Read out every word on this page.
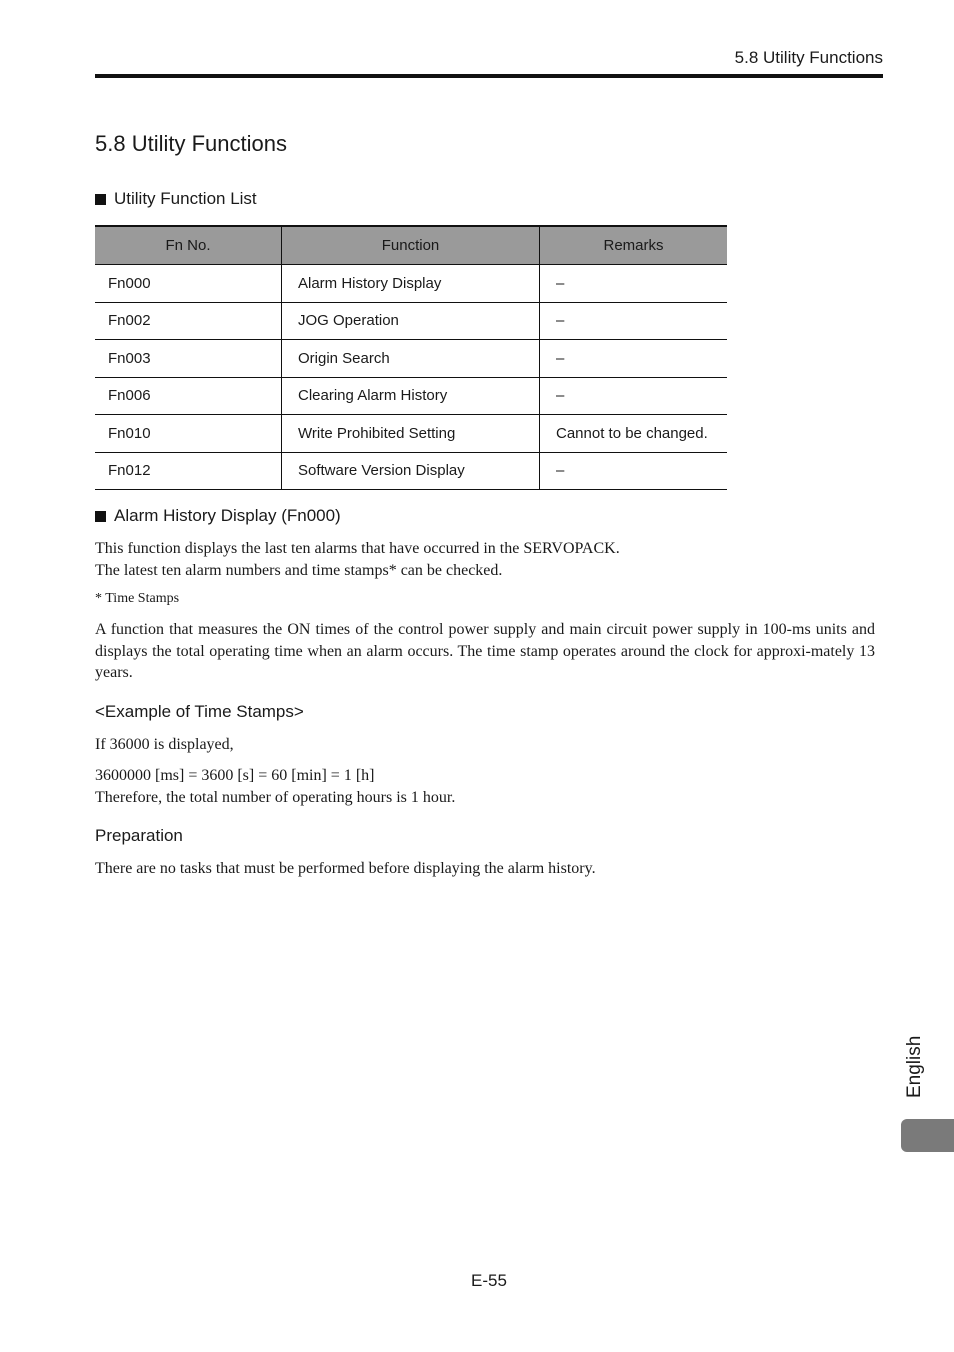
5.8 Utility Functions
5.8 Utility Functions
Utility Function List
Fn No.	Function	Remarks
Fn000	Alarm History Display	–
Fn002	JOG Operation	–
Fn003	Origin Search	–
Fn006	Clearing Alarm History	–
Fn010	Write Prohibited Setting	Cannot to be changed.
Fn012	Software Version Display	–
Alarm History Display (Fn000)

This function displays the last ten alarms that have occurred in the SERVOPACK.
The latest ten alarm numbers and time stamps* can be checked.

* Time Stamps

A function that measures the ON times of the control power supply and main circuit power supply in 100-ms units and displays the total operating time when an alarm occurs. The time stamp operates around the clock for approxi-mately 13 years.

<Example of Time Stamps>

If 36000 is displayed,

3600000 [ms] = 3600 [s] = 60 [min] = 1 [h]
Therefore, the total number of operating hours is 1 hour.

Preparation

There are no tasks that must be performed before displaying the alarm history.

English
E-55
